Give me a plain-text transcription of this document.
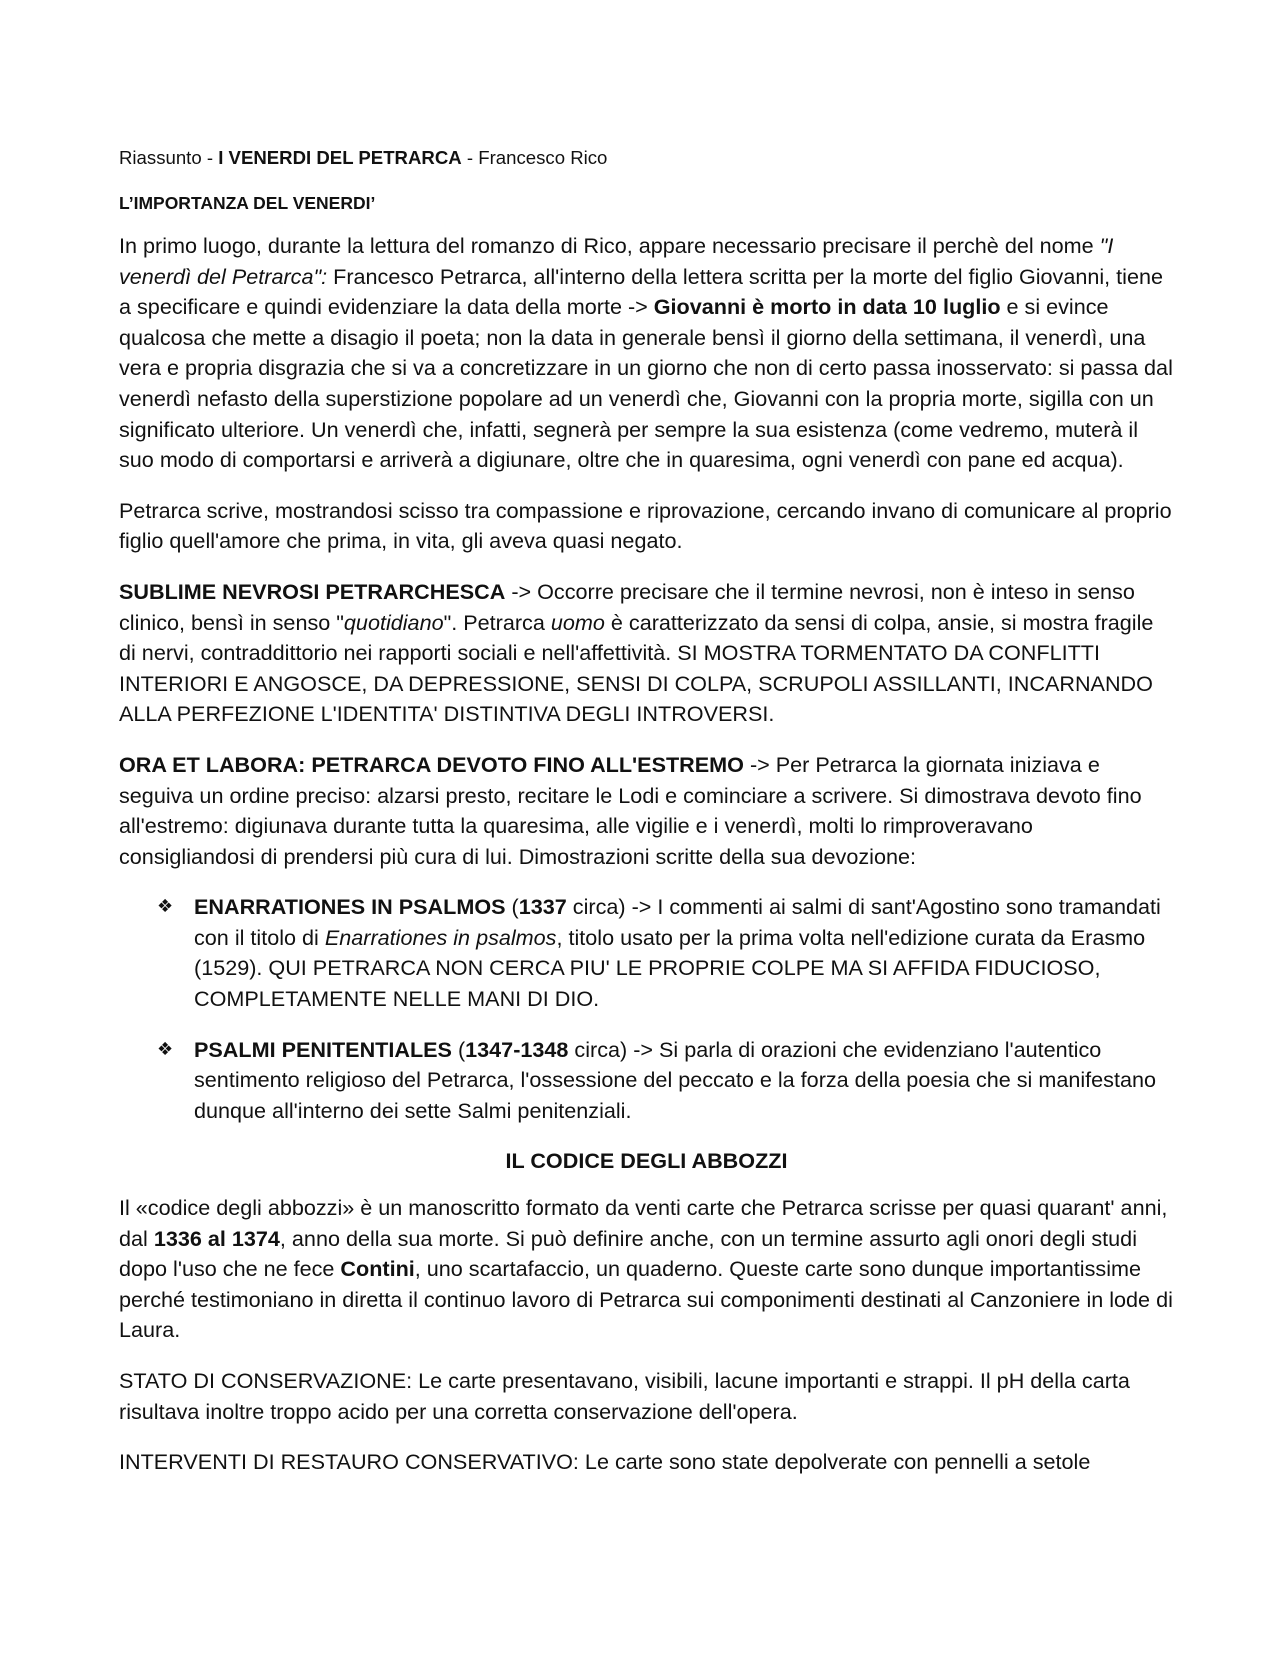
Riassunto - I VENERDI DEL PETRARCA - Francesco Rico
L’IMPORTANZA DEL VENERDI’

In primo luogo, durante la lettura del romanzo di Rico, appare necessario precisare il perchè del nome "I venerdì del Petrarca": Francesco Petrarca, all'interno della lettera scritta per la morte del figlio Giovanni, tiene a specificare e quindi evidenziare la data della morte -> Giovanni è morto in data 10 luglio e si evince qualcosa che mette a disagio il poeta; non la data in generale bensì il giorno della settimana, il venerdì, una vera e propria disgrazia che si va a concretizzare in un giorno che non di certo passa inosservato: si passa dal venerdì nefasto della superstizione popolare ad un venerdì che, Giovanni con la propria morte, sigilla con un significato ulteriore. Un venerdì che, infatti, segnerà per sempre la sua esistenza (come vedremo, muterà il suo modo di comportarsi e arriverà a digiunare, oltre che in quaresima, ogni venerdì con pane ed acqua).

Petrarca scrive, mostrandosi scisso tra compassione e riprovazione, cercando invano di comunicare al proprio figlio quell'amore che prima, in vita, gli aveva quasi negato.

SUBLIME NEVROSI PETRARCHESCA -> Occorre precisare che il termine nevrosi, non è inteso in senso clinico, bensì in senso "quotidiano". Petrarca uomo è caratterizzato da sensi di colpa, ansie, si mostra fragile di nervi, contraddittorio nei rapporti sociali e nell'affettività. SI MOSTRA TORMENTATO DA CONFLITTI INTERIORI E ANGOSCE, DA DEPRESSIONE, SENSI DI COLPA, SCRUPOLI ASSILLANTI, INCARNANDO ALLA PERFEZIONE L'IDENTITA' DISTINTIVA DEGLI INTROVERSI.

ORA ET LABORA: PETRARCA DEVOTO FINO ALL'ESTREMO -> Per Petrarca la giornata iniziava e seguiva un ordine preciso: alzarsi presto, recitare le Lodi e cominciare a scrivere. Si dimostrava devoto fino all'estremo: digiunava durante tutta la quaresima, alle vigilie e i venerdì, molti lo rimproveravano consigliandosi di prendersi più cura di lui. Dimostrazioni scritte della sua devozione:

❖ ENARRATIONES IN PSALMOS (1337 circa) -> I commenti ai salmi di sant'Agostino sono tramandati con il titolo di Enarrationes in psalmos, titolo usato per la prima volta nell'edizione curata da Erasmo (1529). QUI PETRARCA NON CERCA PIU' LE PROPRIE COLPE MA SI AFFIDA FIDUCIOSO, COMPLETAMENTE NELLE MANI DI DIO.
❖ PSALMI PENITENTIALES (1347-1348 circa) -> Si parla di orazioni che evidenziano l'autentico sentimento religioso del Petrarca, l'ossessione del peccato e la forza della poesia che si manifestano dunque all'interno dei sette Salmi penitenziali.
IL CODICE DEGLI ABBOZZI

Il «codice degli abbozzi» è un manoscritto formato da venti carte che Petrarca scrisse per quasi quarant' anni, dal 1336 al 1374, anno della sua morte. Si può definire anche, con un termine assurto agli onori degli studi dopo l'uso che ne fece Contini, uno scartafaccio, un quaderno. Queste carte sono dunque importantissime perché testimoniano in diretta il continuo lavoro di Petrarca sui componimenti destinati al Canzoniere in lode di Laura.

STATO DI CONSERVAZIONE: Le carte presentavano, visibili, lacune importanti e strappi. Il pH della carta risultava inoltre troppo acido per una corretta conservazione dell'opera.

INTERVENTI DI RESTAURO CONSERVATIVO: Le carte sono state depolverate con pennelli a setole
